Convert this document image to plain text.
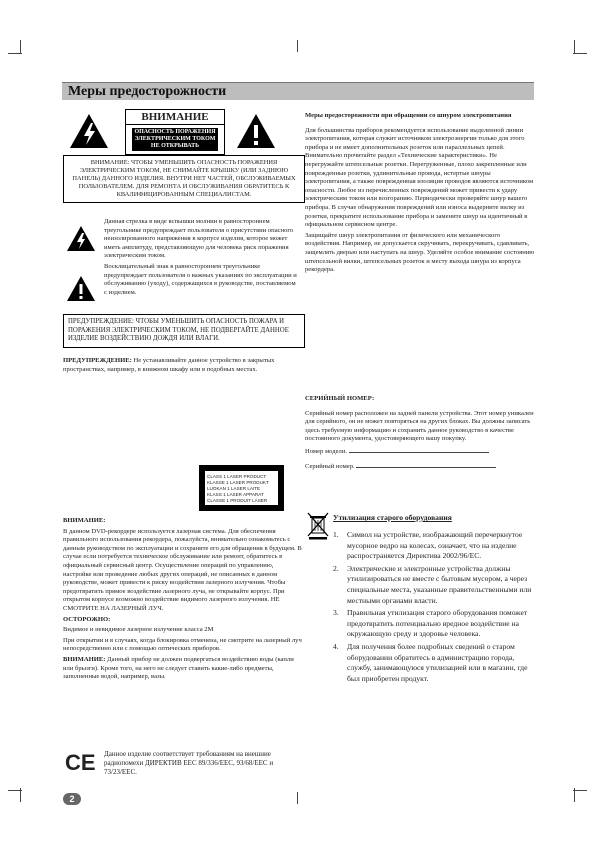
Меры предосторожности
ВНИМАНИЕ
ОПАСНОСТЬ ПОРАЖЕНИЯ ЭЛЕКТРИЧЕСКИМ ТОКОМ НЕ ОТКРЫВАТЬ
ВНИМАНИЕ: ЧТОБЫ УМЕНЬШИТЬ ОПАСНОСТЬ ПОРАЖЕНИЯ ЭЛЕКТРИЧЕСКИМ ТОКОМ, НЕ СНИМАЙТЕ КРЫШКУ (ИЛИ ЗАДНЮЮ ПАНЕЛЬ) ДАННОГО ИЗДЕЛИЯ. ВНУТРИ НЕТ ЧАСТЕЙ, ОБСЛУЖИВАЕМЫХ ПОЛЬЗОВАТЕЛЕМ. ДЛЯ РЕМОНТА И ОБСЛУЖИВАНИЯ ОБРАТИТЕСЬ К КВАЛИФИЦИРОВАННЫМ СПЕЦИАЛИСТАМ.
Данная стрелка в виде вспышки молнии в равностороннем треугольнике предупреждает пользователя о присутствии опасного неизолированного напряжения в корпусе изделия, которое может иметь амплитуду, представляющую для человека риск поражения электрическим током.
Восклицательный знак в равностороннем треугольнике предупреждает пользователя о важных указаниях по эксплуатации и обслуживанию (уходу), содержащихся в руководстве, поставляемом с изделием.
ПРЕДУПРЕЖДЕНИЕ: ЧТОБЫ УМЕНЬШИТЬ ОПАСНОСТЬ ПОЖАРА И ПОРАЖЕНИЯ ЭЛЕКТРИЧЕСКИМ ТОКОМ, НЕ ПОДВЕРГАЙТЕ ДАННОЕ ИЗДЕЛИЕ ВОЗДЕЙСТВИЮ ДОЖДЯ ИЛИ ВЛАГИ.
ПРЕДУПРЕЖДЕНИЕ: Не устанавливайте данное устройство в закрытых пространствах, например, в книжном шкафу или в подобных местах.
CLASS 1 LASER PRODUCT KLASSE 1 LASER PRODUKT LUOKAN 1 LASER LAITE KLASS 1 LASER APPARAT CLASSE 1 PRODUIT LASER
ВНИМАНИЕ:
В данном DVD-рекордере используется лазерная система. Для обеспечения правильного использования рекордера, пожалуйста, внимательно ознакомьтесь с данным руководством по эксплуатации и сохраните его для обращения в будущем. В случае если потребуется техническое обслуживание или ремонт, обратитесь в официальный сервисный центр. Осуществление операций по управлению, настройке или проведение любых других операций, не описанных в данном руководстве, может привести к риску воздействия лазерного излучения. Чтобы предотвратить прямое воздействие лазерного луча, не открывайте корпус. При открытом корпусе возможно воздействие видимого лазерного излучения. НЕ СМОТРИТЕ НА ЛАЗЕРНЫЙ ЛУЧ.
ОСТОРОЖНО:
Видимое и невидимое лазерное излучение класса 2M
При открытии и в случаях, когда блокировка отменена, не смотрите на лазерный луч непосредственно или с помощью оптических приборов.
ВНИМАНИЕ: Данный прибор не должен подвергаться воздействию воды (капли или брызги). Кроме того, на него не следует ставить какие-либо предметы, заполненные водой, например, вазы.
CE	Данное изделие соответствует требованиям на внешние радиопомехи ДИРЕКТИВ ЕЕС 89/336/EEC, 93/68/EEC и 73/23/EEC.
2
Меры предосторожности при обращении со шнуром электропитания
Для большинства приборов рекомендуется использование выделенной линии электропитания, которая служит источником электроэнергии только для этого прибора и не имеет дополнительных розеток или параллельных цепей. Внимательно прочитайте раздел «Технические характеристики». Не перегружайте штепсельные розетки. Перегруженные, плохо закрепленные или поврежденные розетки, удлинительные провода, истертые шнуры электропитания, а также поврежденная изоляция проводов являются источником опасности. Любое из перечисленных повреждений может привести к удару электрическим током или возгоранию. Периодически проверяйте шнур вашего прибора. В случае обнаружения повреждений или износа выдерните вилку из розетки, прекратите использование прибора и замените шнур на идентичный в официальном сервисном центре.
Защищайте шнур электропитания от физического или механического воздействия. Например, не допускается скручивать, перекручивать, сдавливать, защемлять дверью или наступать на шнур. Уделяйте особое внимание состоянию штепсельной вилки, штепсельных розеток и месту выхода шнура из корпуса рекордера.
СЕРИЙНЫЙ НОМЕР:
Серийный номер расположен на задней панели устройства. Этот номер уникален для серийного, он не может повторяться на других блоках. Вы должны записать здесь требуемую информацию и сохранить данное руководство в качестве постоянного документа, удостоверяющего вашу покупку.
Номер модели.
Серийный номер.
Утилизация старого оборудования
1. Символ на устройстве, изображающий перечеркнутое мусорное ведро на колесах, означает, что на изделие распространяется Директива 2002/96/EC.
2. Электрические и электронные устройства должны утилизироваться не вместе с бытовым мусором, а через специальные места, указанные правительственными или местными органами власти.
3. Правильная утилизация старого оборудования поможет предотвратить потенциально вредное воздействие на окружающую среду и здоровье человека.
4. Для получения более подробных сведений о старом оборудовании обратитесь в администрацию города, службу, занимающуюся утилизацией или в магазин, где был приобретен продукт.
